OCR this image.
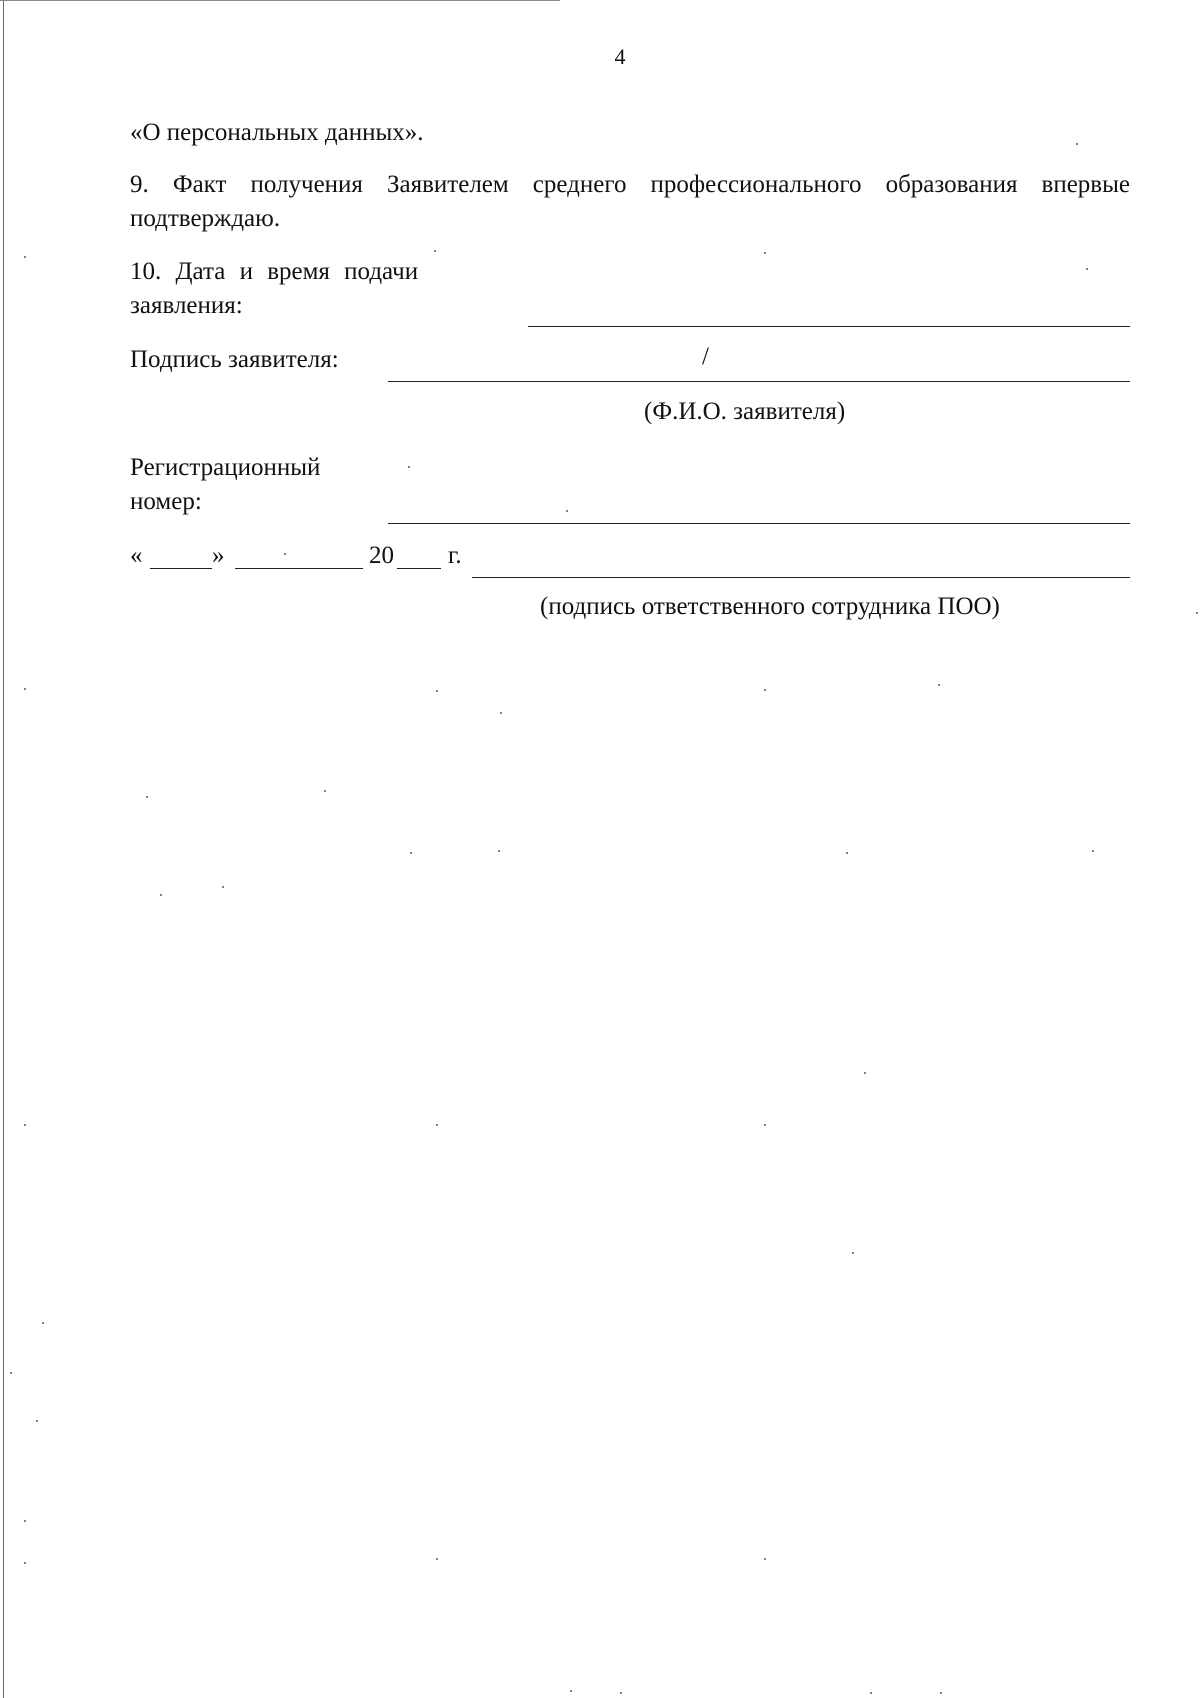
4
«О персональных данных».
9. Факт получения Заявителем среднего профессионального образования впервые подтверждаю.
10. Дата и время подачи
заявления:
Подпись заявителя:	/
(Ф.И.О. заявителя)
Регистрационный
номер:
«	»	20 г.
(подпись ответственного сотрудника ПОО)
